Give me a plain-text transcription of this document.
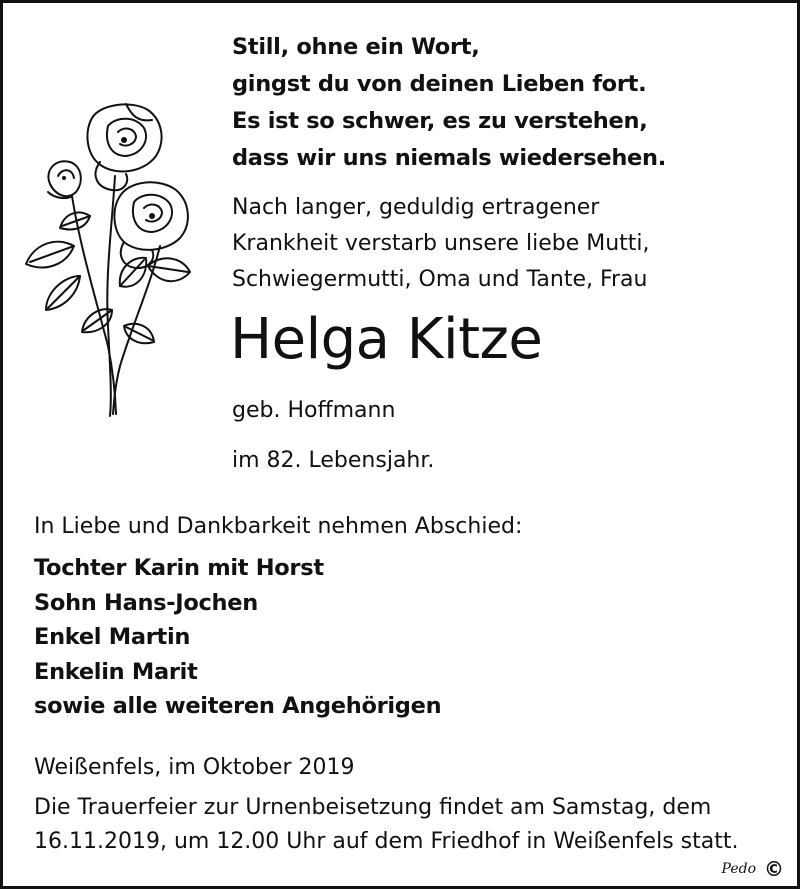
Still, ohne ein Wort,
gingst du von deinen Lieben fort.
Es ist so schwer, es zu verstehen,
dass wir uns niemals wiedersehen.
Nach langer, geduldig ertragener
Krankheit verstarb unsere liebe Mutti,
Schwiegermutti, Oma und Tante, Frau
Helga Kitze
geb. Hoffmann
im 82. Lebensjahr.
In Liebe und Dankbarkeit nehmen Abschied:
Tochter Karin mit Horst
Sohn Hans-Jochen
Enkel Martin
Enkelin Marit
sowie alle weiteren Angehörigen
Weißenfels, im Oktober 2019
Die Trauerfeier zur Urnenbeisetzung findet am Samstag, dem
16.11.2019, um 12.00 Uhr auf dem Friedhof in Weißenfels statt.
Pedo ©
